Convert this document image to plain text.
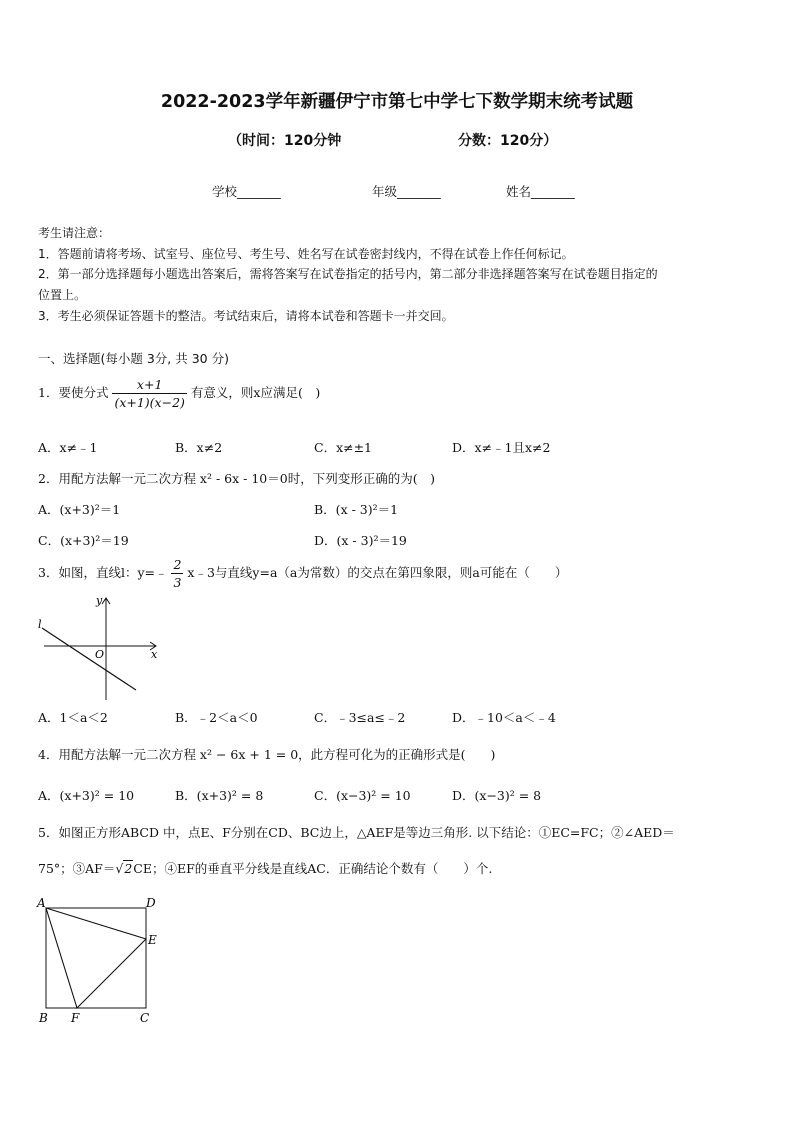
2022-2023学年新疆伊宁市第七中学七下数学期末统考试题
（时间：120分钟	分数：120分）
学校_______	年级_______	姓名_______
考生请注意：
1．答题前请将考场、试室号、座位号、考生号、姓名写在试卷密封线内，不得在试卷上作任何标记。
2．第一部分选择题每小题选出答案后，需将答案写在试卷指定的括号内，第二部分非选择题答案写在试卷题目指定的
位置上。
3．考生必须保证答题卡的整洁。考试结束后，请将本试卷和答题卡一并交回。
一、选择题(每小题 3分, 共 30 分)
1．要使分式 $\frac{x+1}{(x+1)(x-2)}$ 有意义，则x应满足(　)
A．x≠﹣1	B．x≠2	C．x≠±1	D．x≠﹣1且x≠2
2．用配方法解一元二次方程 x² - 6x - 10＝0时，下列变形正确的为(　)
A．(x+3)²＝1	B．(x - 3)²＝1
C．(x+3)²＝19	D．(x - 3)²＝19
3．如图，直线l：y=﹣ $\frac{2}{3}$ x﹣3与直线y=a（a为常数）的交点在第四象限，则a可能在（　　）
l
y
O	x
A．1＜a＜2	B．﹣2＜a＜0	C．﹣3≤a≤﹣2	D．﹣10＜a＜﹣4
4．用配方法解一元二次方程 x² − 6x + 1 = 0，此方程可化为的正确形式是(　　)
A．(x+3)² = 10	B．(x+3)² = 8	C．(x−3)² = 10	D．(x−3)² = 8
5．如图正方形ABCD 中，点E、F分别在CD、BC边上，△AEF是等边三角形. 以下结论：①EC=FC；②∠AED＝
75°；③AF＝√2CE；④EF的垂直平分线是直线AC．正确结论个数有（　　）个.
A	D
E
B F	C
